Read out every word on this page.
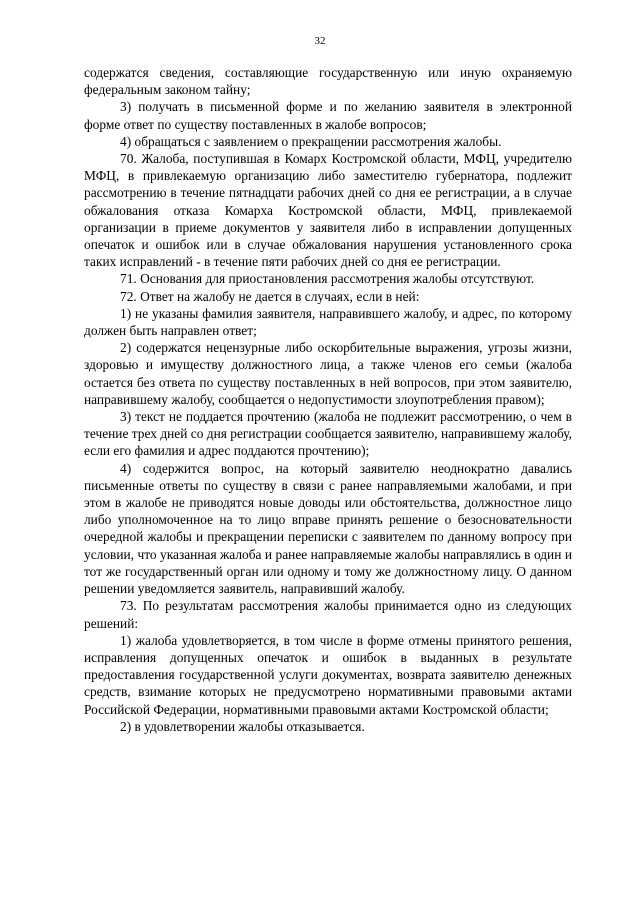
32

содержатся сведения, составляющие государственную или иную охраняемую федеральным законом тайну;

3) получать в письменной форме и по желанию заявителя в электронной форме ответ по существу поставленных в жалобе вопросов;

4) обращаться с заявлением о прекращении рассмотрения жалобы.

70. Жалоба, поступившая в Комарх Костромской области, МФЦ, учредителю МФЦ, в привлекаемую организацию либо заместителю губернатора, подлежит рассмотрению в течение пятнадцати рабочих дней со дня ее регистрации, а в случае обжалования отказа Комарха Костромской области, МФЦ, привлекаемой организации в приеме документов у заявителя либо в исправлении допущенных опечаток и ошибок или в случае обжалования нарушения установленного срока таких исправлений - в течение пяти рабочих дней со дня ее регистрации.

71. Основания для приостановления рассмотрения жалобы отсутствуют.

72. Ответ на жалобу не дается в случаях, если в ней:

1) не указаны фамилия заявителя, направившего жалобу, и адрес, по которому должен быть направлен ответ;

2) содержатся нецензурные либо оскорбительные выражения, угрозы жизни, здоровью и имуществу должностного лица, а также членов его семьи (жалоба остается без ответа по существу поставленных в ней вопросов, при этом заявителю, направившему жалобу, сообщается о недопустимости злоупотребления правом);

3) текст не поддается прочтению (жалоба не подлежит рассмотрению, о чем в течение трех дней со дня регистрации сообщается заявителю, направившему жалобу, если его фамилия и адрес поддаются прочтению);

4) содержится вопрос, на который заявителю неоднократно давались письменные ответы по существу в связи с ранее направляемыми жалобами, и при этом в жалобе не приводятся новые доводы или обстоятельства, должностное лицо либо уполномоченное на то лицо вправе принять решение о безосновательности очередной жалобы и прекращении переписки с заявителем по данному вопросу при условии, что указанная жалоба и ранее направляемые жалобы направлялись в один и тот же государственный орган или одному и тому же должностному лицу. О данном решении уведомляется заявитель, направивший жалобу.

73. По результатам рассмотрения жалобы принимается одно из следующих решений:

1) жалоба удовлетворяется, в том числе в форме отмены принятого решения, исправления допущенных опечаток и ошибок в выданных в результате предоставления государственной услуги документах, возврата заявителю денежных средств, взимание которых не предусмотрено нормативными правовыми актами Российской Федерации, нормативными правовыми актами Костромской области;

2) в удовлетворении жалобы отказывается.
